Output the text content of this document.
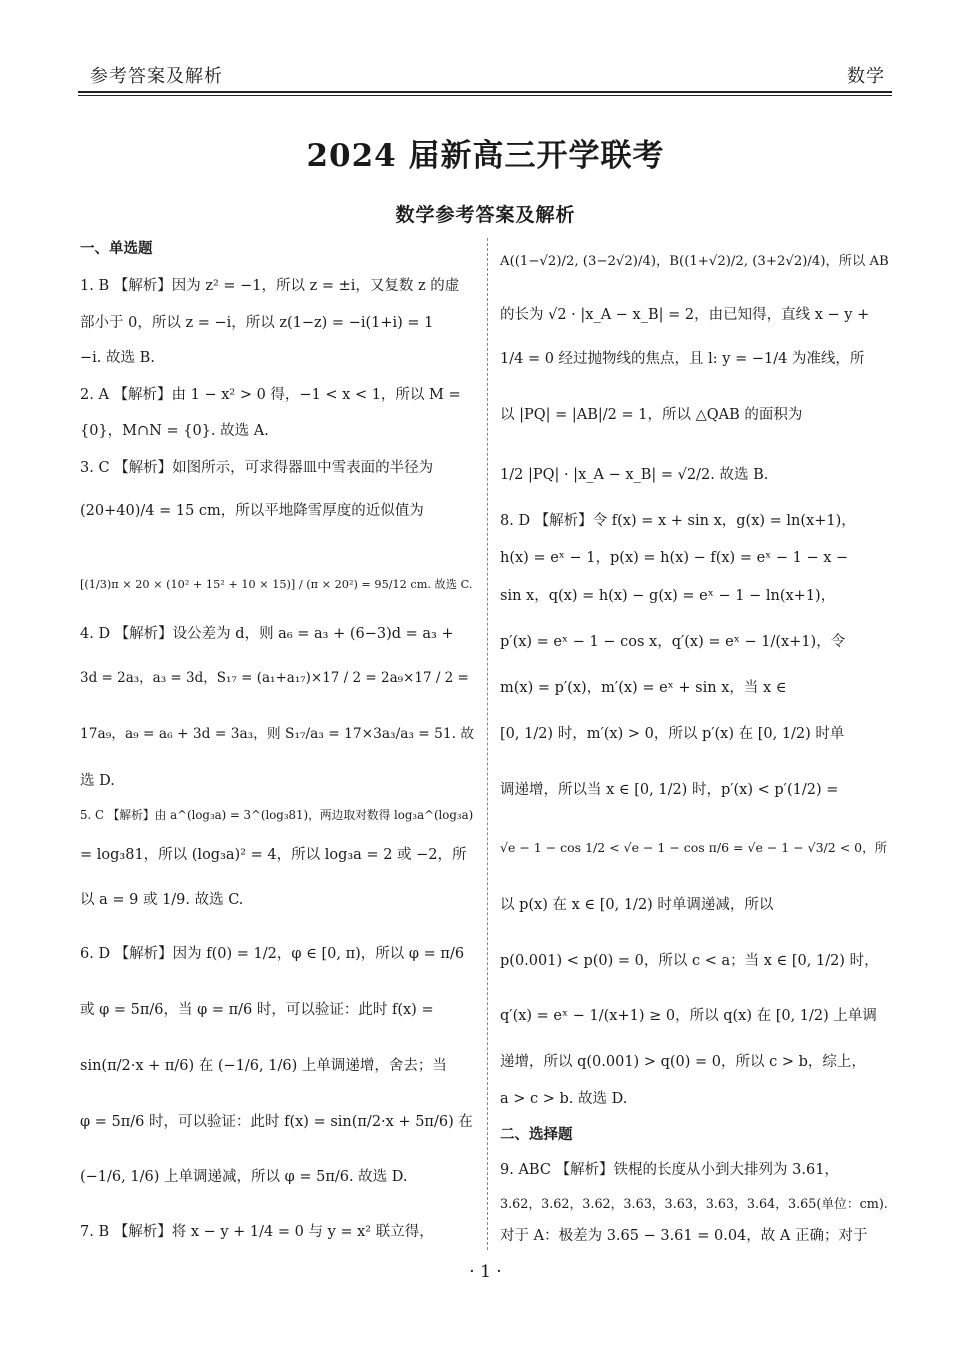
参考答案及解析	数学
2024 届新高三开学联考
数学参考答案及解析
一、单选题
1. B 【解析】因为 z² = −1，所以 z = ±i，又复数 z 的虚
部小于 0，所以 z = −i，所以 z(1−z) = −i(1+i) = 1
−i. 故选 B.
2. A 【解析】由 1 − x² > 0 得，−1 < x < 1，所以 M =
{0}，M∩N = {0}. 故选 A.
3. C 【解析】如图所示，可求得器皿中雪表面的半径为
(20+40)/4 = 15 cm，所以平地降雪厚度的近似值为
[(1/3)π × 20 × (10² + 15² + 10 × 15)] / (π × 20²) = 95/12 cm. 故选 C.
4. D 【解析】设公差为 d，则 a₆ = a₃ + (6−3)d = a₃ +
3d = 2a₃，a₃ = 3d，S₁₇ = (a₁+a₁₇)×17 / 2 = 2a₉×17 / 2 =
17a₉，a₉ = a₆ + 3d = 3a₃，则 S₁₇/a₃ = 17×3a₃/a₃ = 51. 故
选 D.
5. C 【解析】由 a^(log₃a) = 3^(log₃81)，两边取对数得 log₃a^(log₃a)
= log₃81，所以 (log₃a)² = 4，所以 log₃a = 2 或 −2，所
以 a = 9 或 1/9. 故选 C.
6. D 【解析】因为 f(0) = 1/2，φ ∈ [0, π)，所以 φ = π/6
或 φ = 5π/6，当 φ = π/6 时，可以验证：此时 f(x) =
sin(π/2·x + π/6) 在 (−1/6, 1/6) 上单调递增，舍去；当
φ = 5π/6 时，可以验证：此时 f(x) = sin(π/2·x + 5π/6) 在
(−1/6, 1/6) 上单调递减，所以 φ = 5π/6. 故选 D.
7. B 【解析】将 x − y + 1/4 = 0 与 y = x² 联立得，
A((1−√2)/2, (3−2√2)/4)，B((1+√2)/2, (3+2√2)/4)，所以 AB
的长为 √2 · |x_A − x_B| = 2，由已知得，直线 x − y +
1/4 = 0 经过抛物线的焦点，且 l: y = −1/4 为准线，所
以 |PQ| = |AB|/2 = 1，所以 △QAB 的面积为
1/2 |PQ| · |x_A − x_B| = √2/2. 故选 B.
8. D 【解析】令 f(x) = x + sin x，g(x) = ln(x+1)，
h(x) = eˣ − 1，p(x) = h(x) − f(x) = eˣ − 1 − x −
sin x，q(x) = h(x) − g(x) = eˣ − 1 − ln(x+1)，
p′(x) = eˣ − 1 − cos x，q′(x) = eˣ − 1/(x+1)，令
m(x) = p′(x)，m′(x) = eˣ + sin x，当 x ∈
[0, 1/2) 时，m′(x) > 0，所以 p′(x) 在 [0, 1/2) 时单
调递增，所以当 x ∈ [0, 1/2) 时，p′(x) < p′(1/2) =
√e − 1 − cos 1/2 < √e − 1 − cos π/6 = √e − 1 − √3/2 < 0，所
以 p(x) 在 x ∈ [0, 1/2) 时单调递减，所以
p(0.001) < p(0) = 0，所以 c < a；当 x ∈ [0, 1/2) 时，
q′(x) = eˣ − 1/(x+1) ≥ 0，所以 q(x) 在 [0, 1/2) 上单调
递增，所以 q(0.001) > q(0) = 0，所以 c > b，综上，
a > c > b. 故选 D.
二、选择题
9. ABC 【解析】铁棍的长度从小到大排列为 3.61，
3.62，3.62，3.62，3.63，3.63，3.63，3.64，3.65(单位：cm).
对于 A：极差为 3.65 − 3.61 = 0.04，故 A 正确；对于
· 1 ·
